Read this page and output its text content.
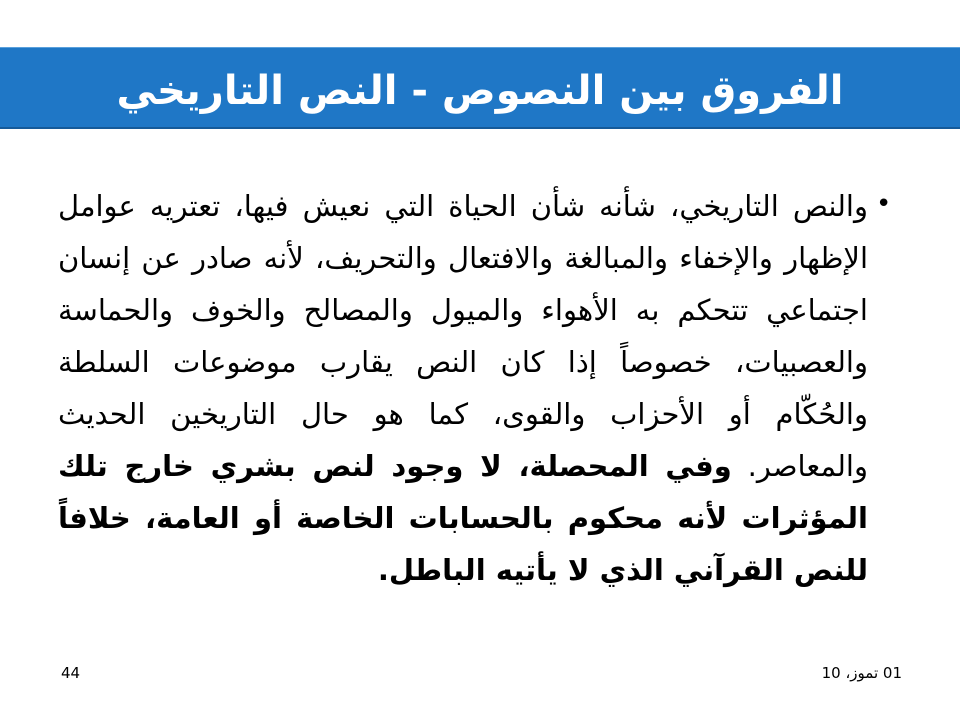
الفروق بين النصوص - النص التاريخي
•
والنص التاريخي، شأنه شأن الحياة التي نعيش فيها، تعتريه عوامل الإظهار والإخفاء والمبالغة والافتعال والتحريف، لأنه صادر عن إنسان اجتماعي تتحكم به الأهواء والميول والمصالح والخوف والحماسة والعصبيات، خصوصاً إذا كان النص يقارب موضوعات السلطة والحُكّام أو الأحزاب والقوى، كما هو حال التاريخين الحديث والمعاصر. وفي المحصلة، لا وجود لنص بشري خارج تلك المؤثرات لأنه محكوم بالحسابات الخاصة أو العامة، خلافاً للنص القرآني الذي لا يأتيه الباطل.
01 تموز، 10
44
